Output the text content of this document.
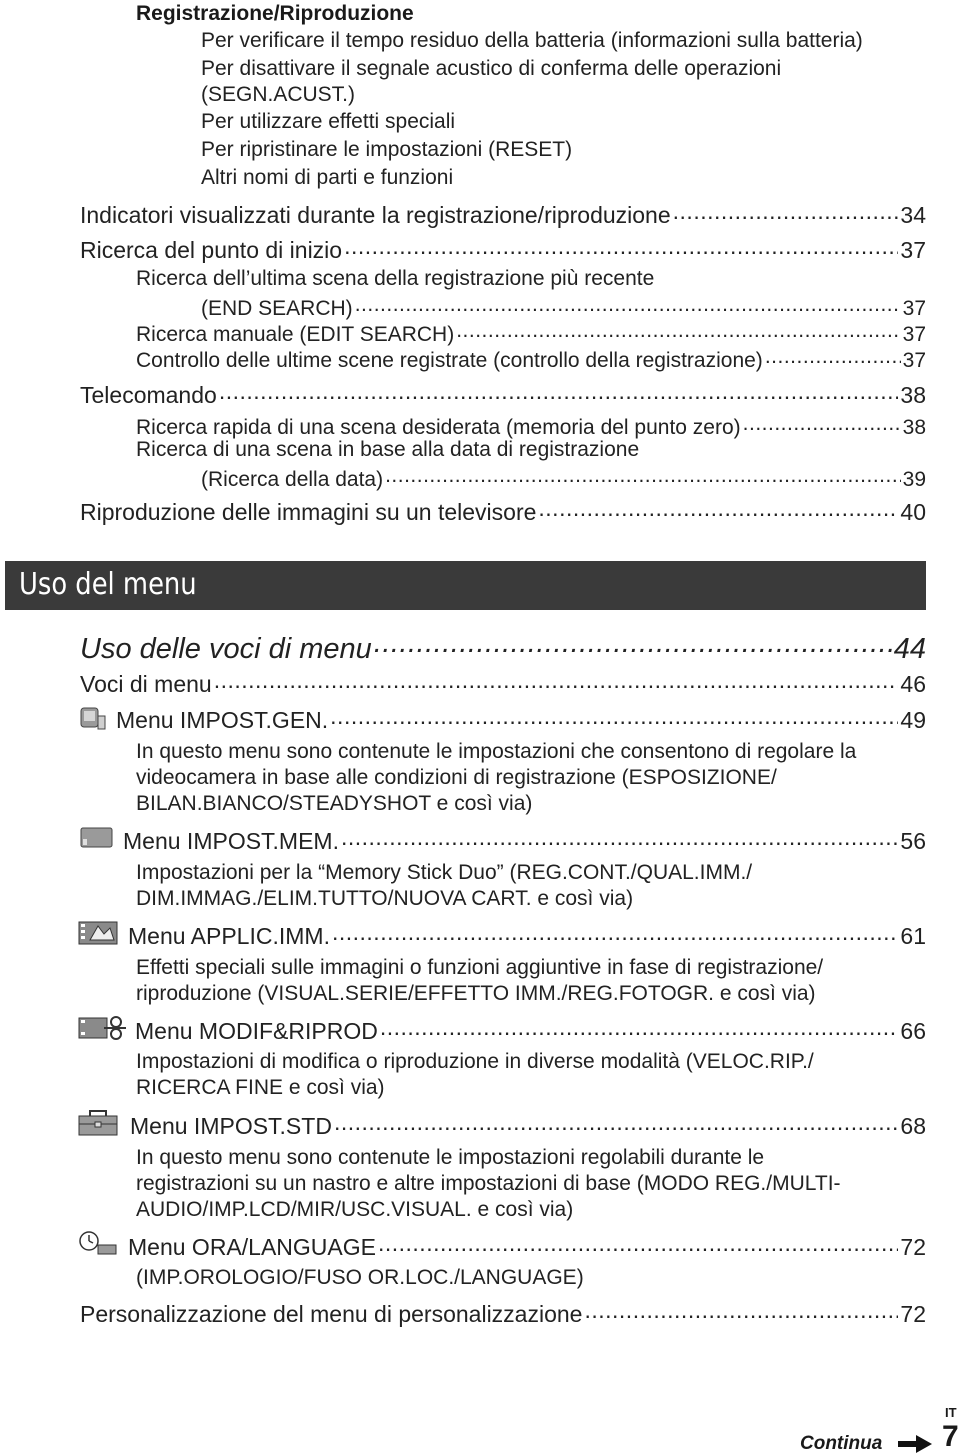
Registrazione/Riproduzione
Per verificare il tempo residuo della batteria (informazioni sulla batteria)
Per disattivare il segnale acustico di conferma delle operazioni
(SEGN.ACUST.)
Per utilizzare effetti speciali
Per ripristinare le impostazioni (RESET)
Altri nomi di parti e funzioni
Indicatori visualizzati durante la registrazione/riproduzione .....	34
Ricerca del punto di inizio .....	37
Ricerca dell’ultima scena della registrazione più recente
(END SEARCH) .....	37
Ricerca manuale (EDIT SEARCH) .....	37
Controllo delle ultime scene registrate (controllo della registrazione) .....	37
Telecomando .....	38
Ricerca rapida di una scena desiderata (memoria del punto zero) .....	38
Ricerca di una scena in base alla data di registrazione
(Ricerca della data) .....	39
Riproduzione delle immagini su un televisore .....	40
Uso del menu
Uso delle voci di menu .....	44
Voci di menu .....	46
Menu IMPOST.GEN. .....	49
In questo menu sono contenute le impostazioni che consentono di regolare la
videocamera in base alle condizioni di registrazione (ESPOSIZIONE/
BILAN.BIANCO/STEADYSHOT e così via)
Menu IMPOST.MEM. .....	56
Impostazioni per la “Memory Stick Duo” (REG.CONT./QUAL.IMM./
DIM.IMMAG./ELIM.TUTTO/NUOVA CART. e così via)
Menu APPLIC.IMM. .....	61
Effetti speciali sulle immagini o funzioni aggiuntive in fase di registrazione/
riproduzione (VISUAL.SERIE/EFFETTO IMM./REG.FOTOGR. e così via)
Menu MODIF&RIPROD .....	66
Impostazioni di modifica o riproduzione in diverse modalità (VELOC.RIP./
RICERCA FINE e così via)
Menu IMPOST.STD .....	68
In questo menu sono contenute le impostazioni regolabili durante le
registrazioni su un nastro e altre impostazioni di base (MODO REG./MULTI-
AUDIO/IMP.LCD/MIR/USC.VISUAL. e così via)
Menu ORA/LANGUAGE .....	72
(IMP.OROLOGIO/FUSO OR.LOC./LANGUAGE)
Personalizzazione del menu di personalizzazione .....	72
Continua
IT
7
